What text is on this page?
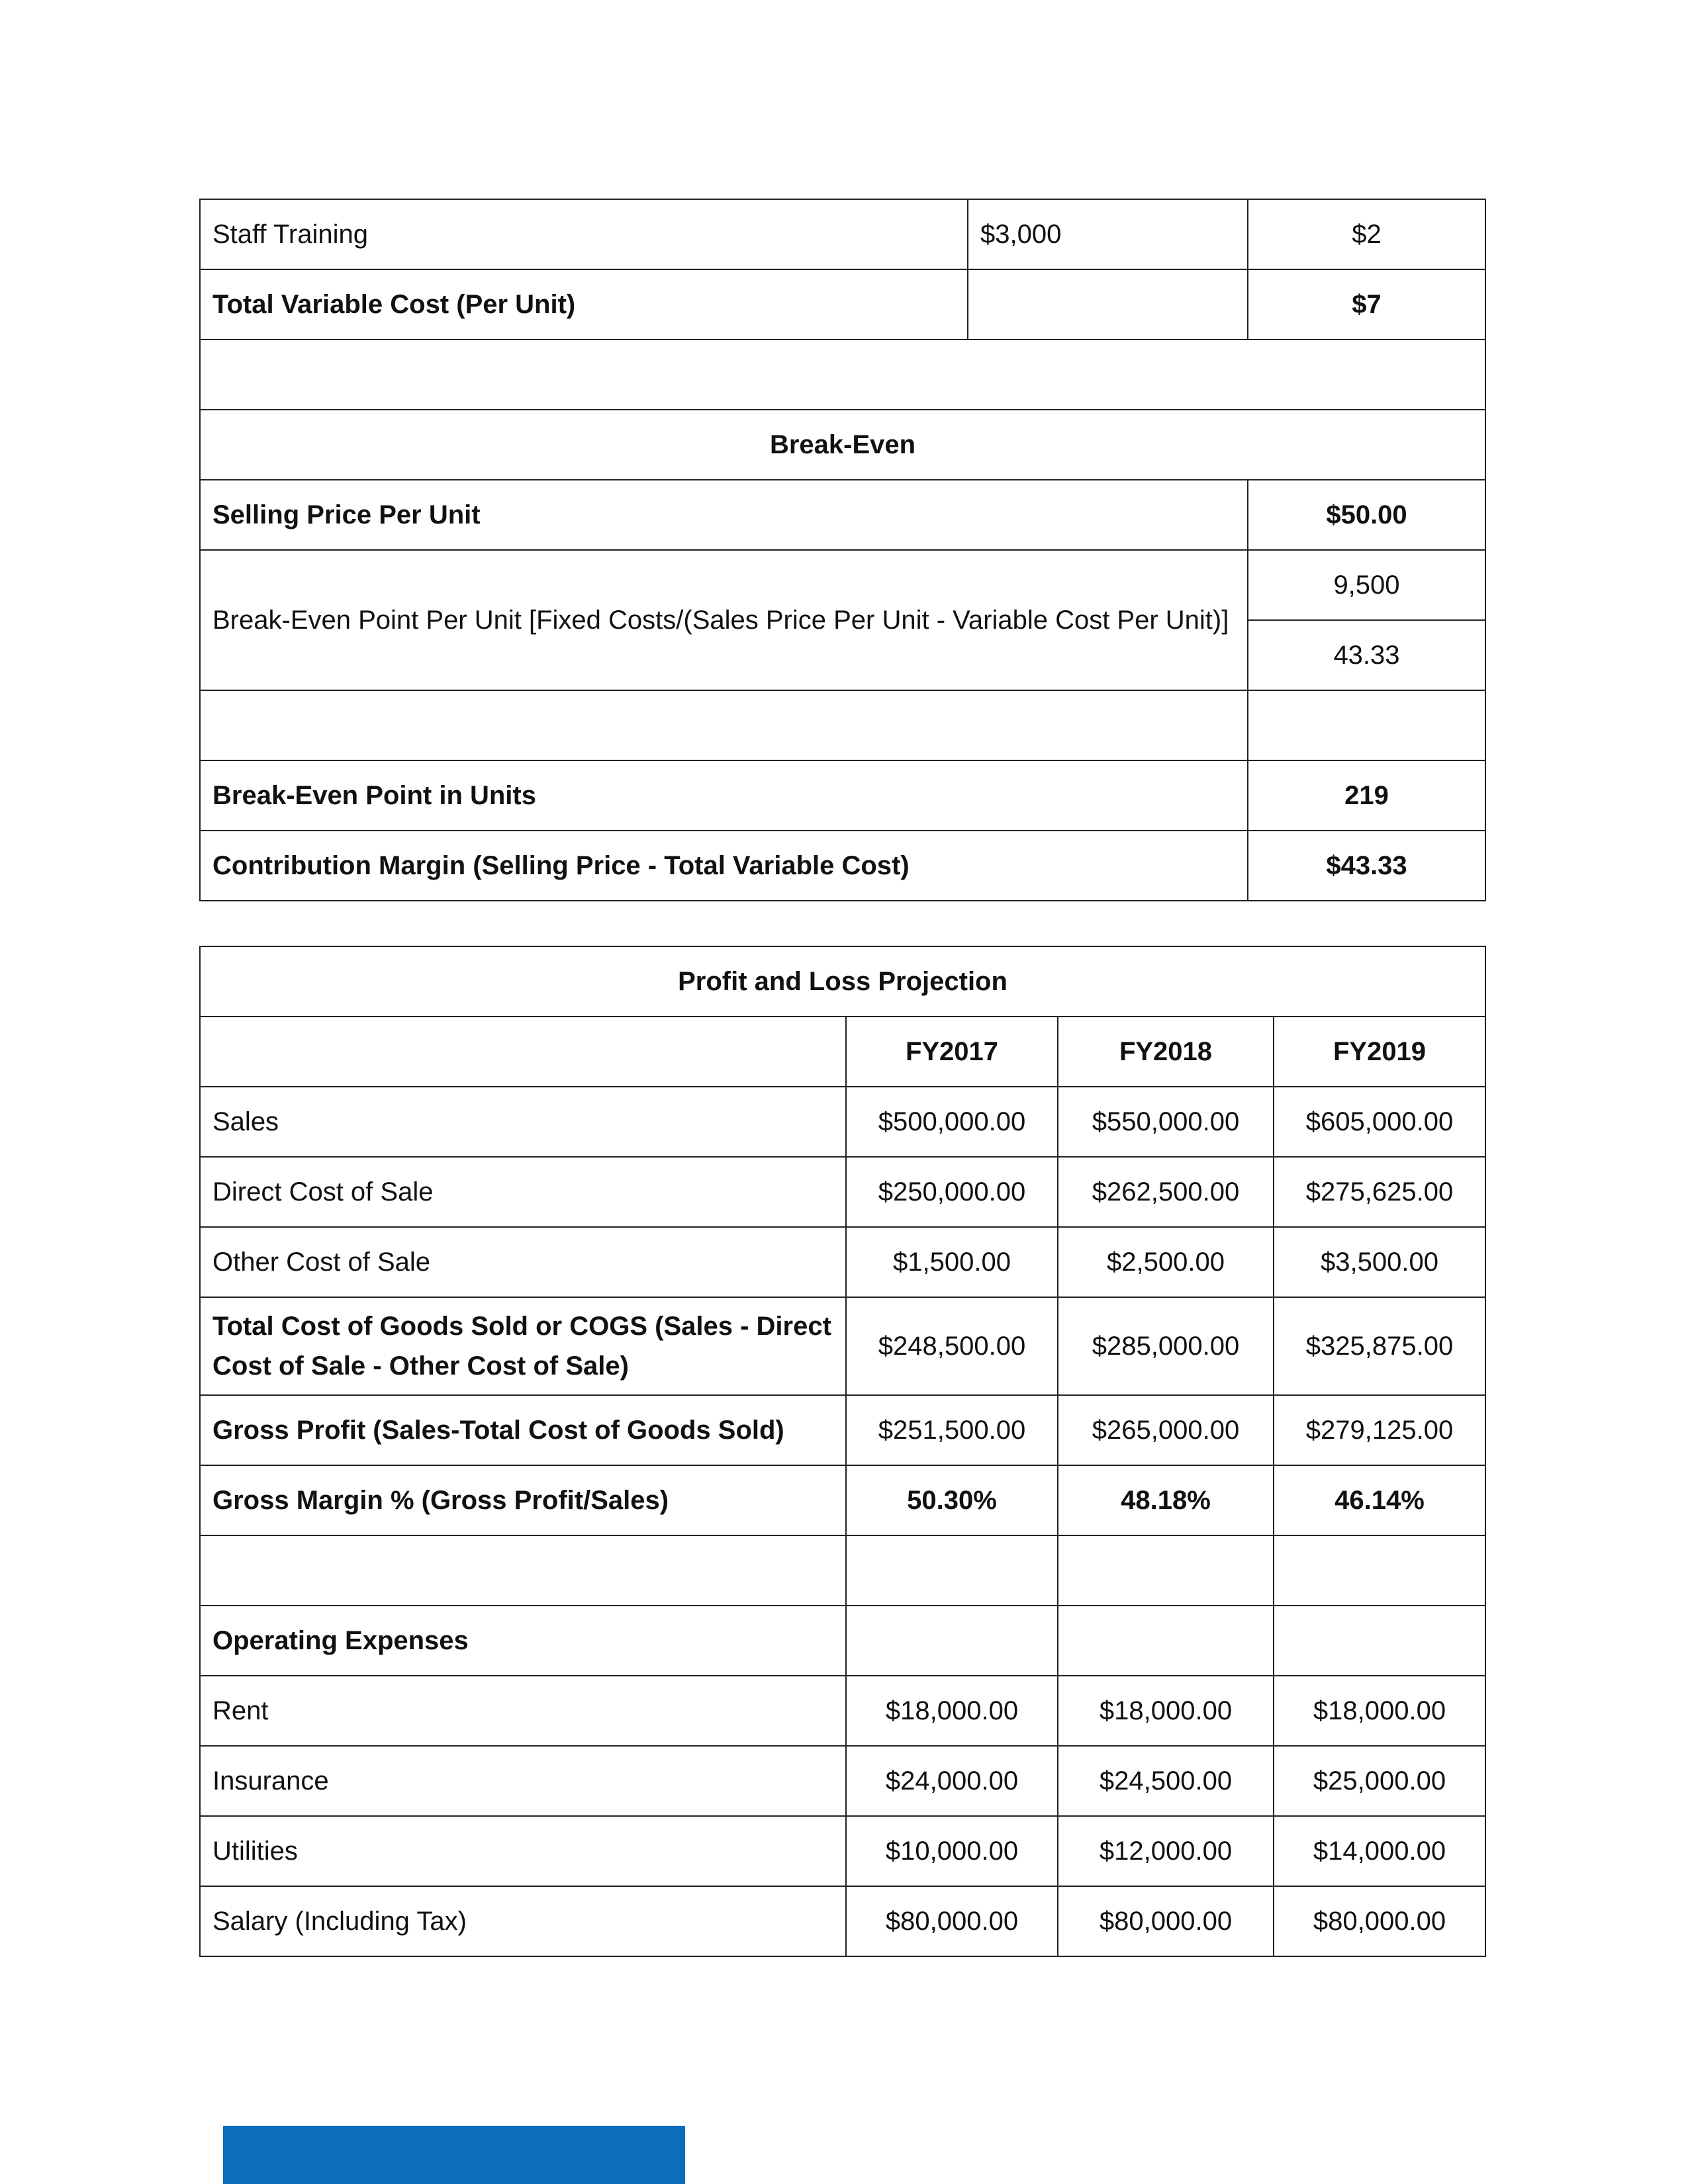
Staff Training	$3,000	$2
Total Variable Cost (Per Unit)		$7

Break-Even		
Selling Price Per Unit		$50.00
Break-Even Point Per Unit [Fixed Costs/(Sales Price Per Unit - Variable Cost Per Unit)]		9,500
		43.33

Break-Even Point in Units		219
Contribution Margin (Selling Price - Total Variable Cost)		$43.33
Profit and Loss Projection			
	FY2017	FY2018	FY2019
Sales	$500,000.00	$550,000.00	$605,000.00
Direct Cost of Sale	$250,000.00	$262,500.00	$275,625.00
Other Cost of Sale	$1,500.00	$2,500.00	$3,500.00
Total Cost of Goods Sold or COGS (Sales - Direct Cost of Sale - Other Cost of Sale)	$248,500.00	$285,000.00	$325,875.00
Gross Profit (Sales-Total Cost of Goods Sold)	$251,500.00	$265,000.00	$279,125.00
Gross Margin % (Gross Profit/Sales)	50.30%	48.18%	46.14%

Operating Expenses			
Rent	$18,000.00	$18,000.00	$18,000.00
Insurance	$24,000.00	$24,500.00	$25,000.00
Utilities	$10,000.00	$12,000.00	$14,000.00
Salary (Including Tax)	$80,000.00	$80,000.00	$80,000.00
